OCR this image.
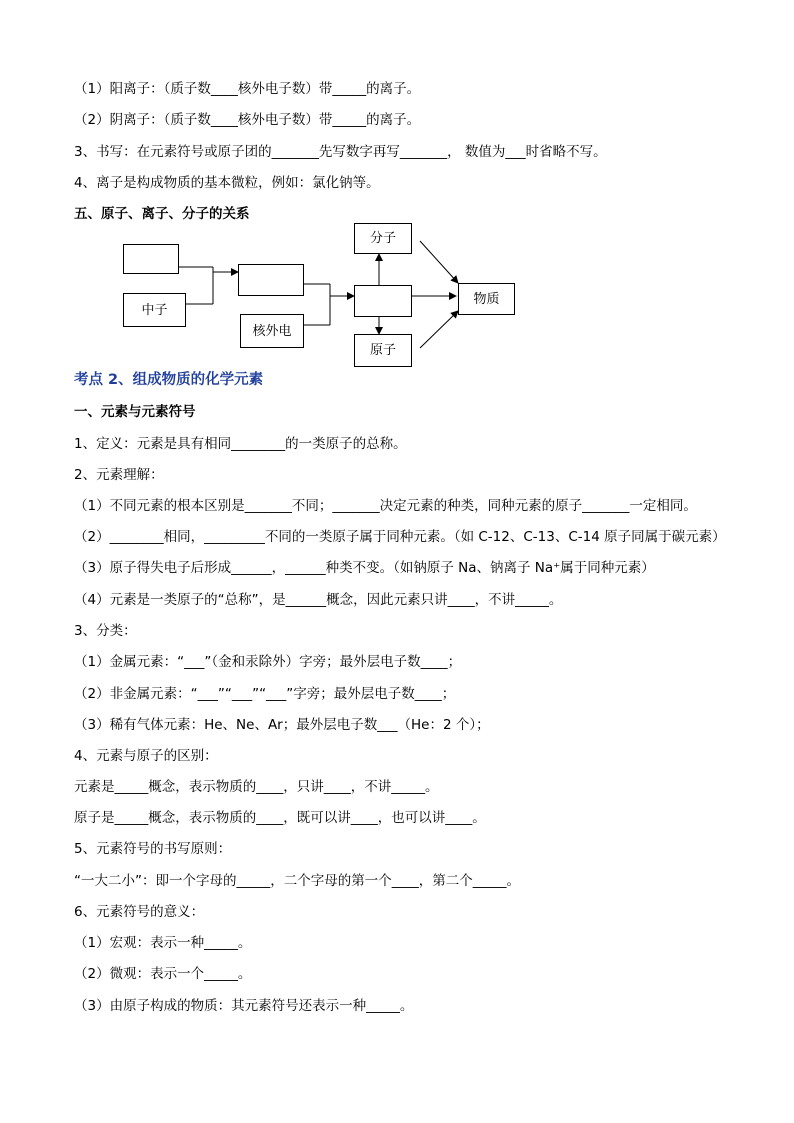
（1）阳离子：（质子数____核外电子数）带_____的离子。
（2）阴离子：（质子数____核外电子数）带_____的离子。
3、书写：在元素符号或原子团的_______先写数字再写_______， 数值为___时省略不写。
4、离子是构成物质的基本微粒，例如：氯化钠等。
五、原子、离子、分子的关系
中子
核外电
分子
原子
物质
考点 2、组成物质的化学元素
一、元素与元素符号
1、定义：元素是具有相同________的一类原子的总称。
2、元素理解：
（1）不同元素的根本区别是_______不同；_______决定元素的种类，同种元素的原子_______一定相同。
（2）________相同，_________不同的一类原子属于同种元素。（如 C-12、C-13、C-14 原子同属于碳元素）
（3）原子得失电子后形成______，______种类不变。（如钠原子 Na、钠离子 Na⁺属于同种元素）
（4）元素是一类原子的“总称”，是______概念，因此元素只讲____，不讲_____。
3、分类：
（1）金属元素：“___”（金和汞除外）字旁；最外层电子数____；
（2）非金属元素：“___”“___”“___”字旁；最外层电子数____；
（3）稀有气体元素：He、Ne、Ar；最外层电子数___（He：2 个）；
4、元素与原子的区别：
元素是_____概念，表示物质的____，只讲____，不讲_____。
原子是_____概念，表示物质的____，既可以讲____，也可以讲____。
5、元素符号的书写原则：
“一大二小”：即一个字母的_____，二个字母的第一个____，第二个_____。
6、元素符号的意义：
（1）宏观：表示一种_____。
（2）微观：表示一个_____。
（3）由原子构成的物质：其元素符号还表示一种_____。
